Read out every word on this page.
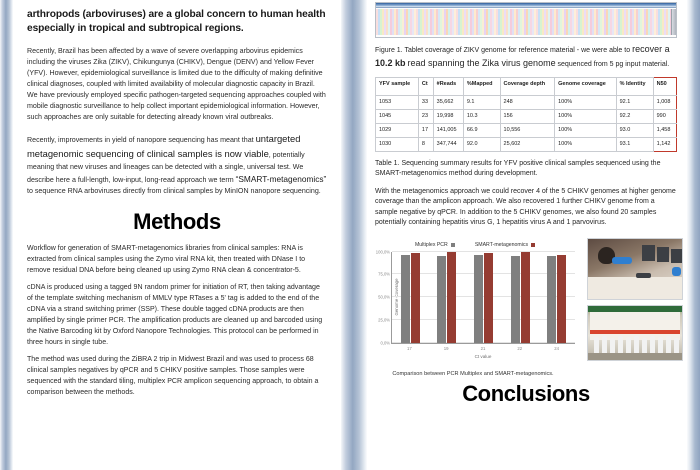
arthropods (arboviruses) are a global concern to human health especially in tropical and subtropical regions.

Recently, Brazil has been affected by a wave of severe overlapping arbovirus epidemics including the viruses Zika (ZIKV), Chikungunya (CHIKV), Dengue (DENV) and Yellow Fever (YFV). However, epidemiological surveillance is limited due to the difficulty of making definitive clinical diagnoses, coupled with limited availability of molecular diagnostic capacity in Brazil. We have previously employed specific pathogen-targeted sequencing approaches coupled with mobile diagnostic surveillance to help collect important epidemiological information. However, such approaches are only suitable for detecting already known viral outbreaks.

Recently, improvements in yield of nanopore sequencing has meant that untargeted metagenomic sequencing of clinical samples is now viable, potentially meaning that new viruses and lineages can be detected with a single, universal test. We describe here a full-length, low-input, long-read approach we term “SMART-metagenomics” to sequence RNA arboviruses directly from clinical samples by MinION nanopore sequencing.

Methods

Workflow for generation of SMART-metagenomics libraries from clinical samples: RNA is extracted from clinical samples using the Zymo viral RNA kit, then treated with DNase I to remove residual DNA before being cleaned up using Zymo RNA clean & concentrator-5.

cDNA is produced using a tagged 9N random primer for initiation of RT, then taking advantage of the template switching mechanism of MMLV type RTases a 5' tag is added to the end of the cDNA via a strand switching primer (SSP). These double tagged cDNA products are then amplified by single primer PCR. The amplification products are cleaned up and barcoded using the Native Barcoding kit by Oxford Nanopore Technologies. This protocol can be performed in three hours in single tube.

The method was used during the ZiBRA 2 trip in Midwest Brazil and was used to process 68 clinical samples negatives by qPCR and 5 CHIKV positive samples. Those samples were sequenced with the standard tiling, multiplex PCR amplicon sequencing approach, to obtain a comparison between the methods.

Figure 1. Tablet coverage of ZIKV genome for reference material - we were able to recover a 10.2 kb read spanning the Zika virus genome sequenced from 5 pg input material.
YFV sample	Ct	#Reads	%Mapped	Coverage depth	Genome coverage	% Identity	N50
1053	33	35,662	9.1	248	100%	92.1	1,008
1045	23	19,998	10.3	156	100%	92.2	990
1029	17	141,005	66.9	10,556	100%	93.0	1,458
1030	8	347,744	92.0	25,602	100%	93.1	1,142
Table 1. Sequencing summary results for YFV positive clinical samples sequenced using the SMART-metagenomics method during development.
With the metagenomics approach we could recover 4 of the 5 CHIKV genomes at higher genome coverage than the amplicon approach. We also recovered 1 further CHIKV genome from a sample negative by qPCR. In addition to the 5 CHIKV genomes, we also found 20 samples potentially containing hepatitis virus G, 1 hepatitis virus A and 1 parvovirus.
Multiplex PCR	SMART-metagenomics
Genome Coverage
0,0%
25,0%
50,0%
75,0%
100,0%
17	19	21	22	24
Ct value
Comparison between PCR Multiplex and SMART-metagenomics.

Conclusions
